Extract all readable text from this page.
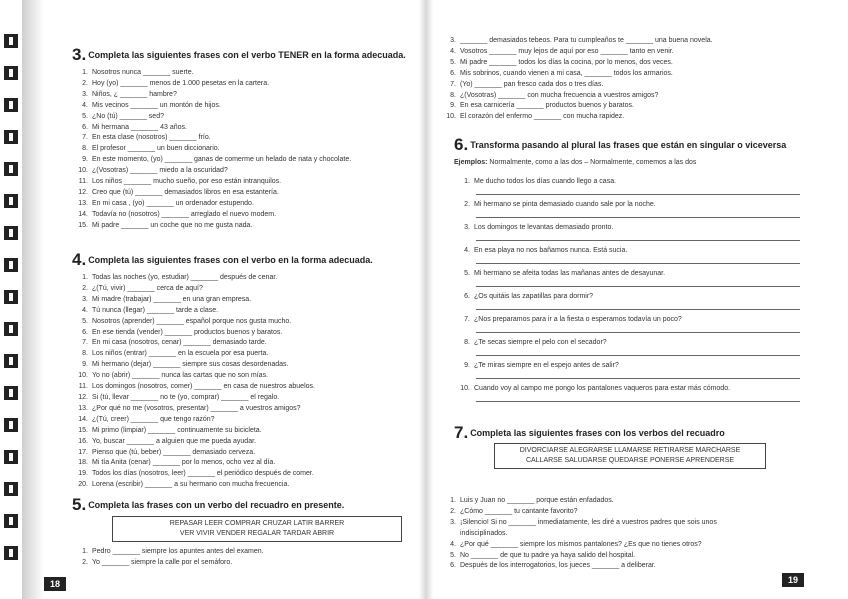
3. Completa las siguientes frases con el verbo TENER en la forma adecuada.

1. Nosotros nunca _______ suerte.
2. Hoy (yo) _______ menos de 1.000 pesetas en la cartera.
3. Niños, ¿ _______ hambre?
4. Mis vecinos _______ un montón de hijos.
5. ¿No (tú) _______ sed?
6. Mi hermana _______ 43 años.
7. En esta clase (nosotros) _______ frío.
8. El profesor _______ un buen diccionario.
9. En este momento, (yo) _______ ganas de comerme un helado de nata y chocolate.
10. ¿(Vosotras) _______ miedo a la oscuridad?
11. Los niños _______ mucho sueño, por eso están intranquilos.
12. Creo que (tú) _______ demasiados libros en esa estantería.
13. En mi casa , (yo) _______ un ordenador estupendo.
14. Todavía no (nosotros) _______ arreglado el nuevo modem.
15. Mi padre _______ un coche que no me gusta nada.

4. Completa las siguientes frases con el verbo en la forma adecuada.

1. Todas las noches (yo, estudiar) _______ después de cenar.
2. ¿(Tú, vivir) _______ cerca de aquí?
3. Mi madre (trabajar) _______ en una gran empresa.
4. Tú nunca (llegar) _______ tarde a clase.
5. Nosotros (aprender) _______ español porque nos gusta mucho.
6. En ese tienda (vender) _______ productos buenos y baratos.
7. En mi casa (nosotros, cenar) _______ demasiado tarde.
8. Los niños (entrar) _______ en la escuela por esa puerta.
9. Mi hermano (dejar) _______ siempre sus cosas desordenadas.
10. Yo no (abrir) _______ nunca las cartas que no son mías.
11. Los domingos (nosotros, comer) _______ en casa de nuestros abuelos.
12. Si (tú, llevar _______ no te (yo, comprar) _______ el regalo.
13. ¿Por qué no me (vosotros, presentar) _______ a vuestros amigos?
14. ¿(Tú, creer) _______ que tengo razón?
15. Mi primo (limpiar) _______ continuamente su bicicleta.
16. Yo, buscar _______ a alguien que me pueda ayudar.
17. Pienso que (tú, beber) _______ demasiado cerveza.
18. Mi tía Anita (cenar) _______ por lo menos, ocho vez al día.
19. Todos los días (nosotros, leer) _______ el periódico después de comer.
20. Lorena (escribir) _______ a su hermano con mucha frecuencia.

5. Completa las frases con un verbo del recuadro en presente.

REPASAR LEER COMPRAR CRUZAR LATIR BARRER
VER VIVIR VENDER REGALAR TARDAR ABRIR
1. Pedro _______ siempre los apuntes antes del examen.
2. Yo _______ siempre la calle por el semáforo.
18
3. _______ demasiados tebeos. Para tu cumpleaños te _______ una buena novela.
4. Vosotros _______ muy lejos de aquí por eso _______ tanto en venir.
5. Mi padre _______ todos los días la cocina, por lo menos, dos veces.
6. Mis sobrinos, cuando vienen a mi casa, _______ todos los armarios.
7. (Yo) _______ pan fresco cada dos o tres días.
8. ¿(Vosotras) _______ con mucha frecuencia a vuestros amigos?
9. En esa carnicería _______ productos buenos y baratos.
10. El corazón del enfermo _______ con mucha rapidez.

6. Transforma pasando al plural las frases que están en singular o viceversa

Ejemplos: Normalmente, como a las dos – Normalmente, comemos a las dos
1. Me ducho todos los días cuando llego a casa.
2. Mi hermano se pinta demasiado cuando sale por la noche.
3. Los domingos te levantas demasiado pronto.
4. En esa playa no nos bañamos nunca. Está sucia.
5. Mi hermano se afeita todas las mañanas antes de desayunar.
6. ¿Os quitáis las zapatillas para dormir?
7. ¿Nos preparamos para ir a la fiesta o esperamos todavía un poco?
8. ¿Te secas siempre el pelo con el secador?
9. ¿Te miras siempre en el espejo antes de salir?
10. Cuando voy al campo me pongo los pantalones vaqueros para estar más cómodo.

7. Completa las siguientes frases con los verbos del recuadro

DIVORCIARSE ALEGRARSE LLAMARSE RETIRARSE MARCHARSE
CALLARSE SALUDARSE QUEDARSE PONERSE APRENDERSE
1. Luis y Juan no _______ porque están enfadados.
2. ¿Cómo _______ tu cantante favorito?
3. ¡Silencio! Si no _______ inmediatamente, les diré a vuestros padres que sois unos
indisciplinados.
4. ¿Por qué _______ siempre los mismos pantalones? ¿Es que no tienes otros?
5. No _______ de que tu padre ya haya salido del hospital.
6. Después de los interrogatorios, los jueces _______ a deliberar.
19
